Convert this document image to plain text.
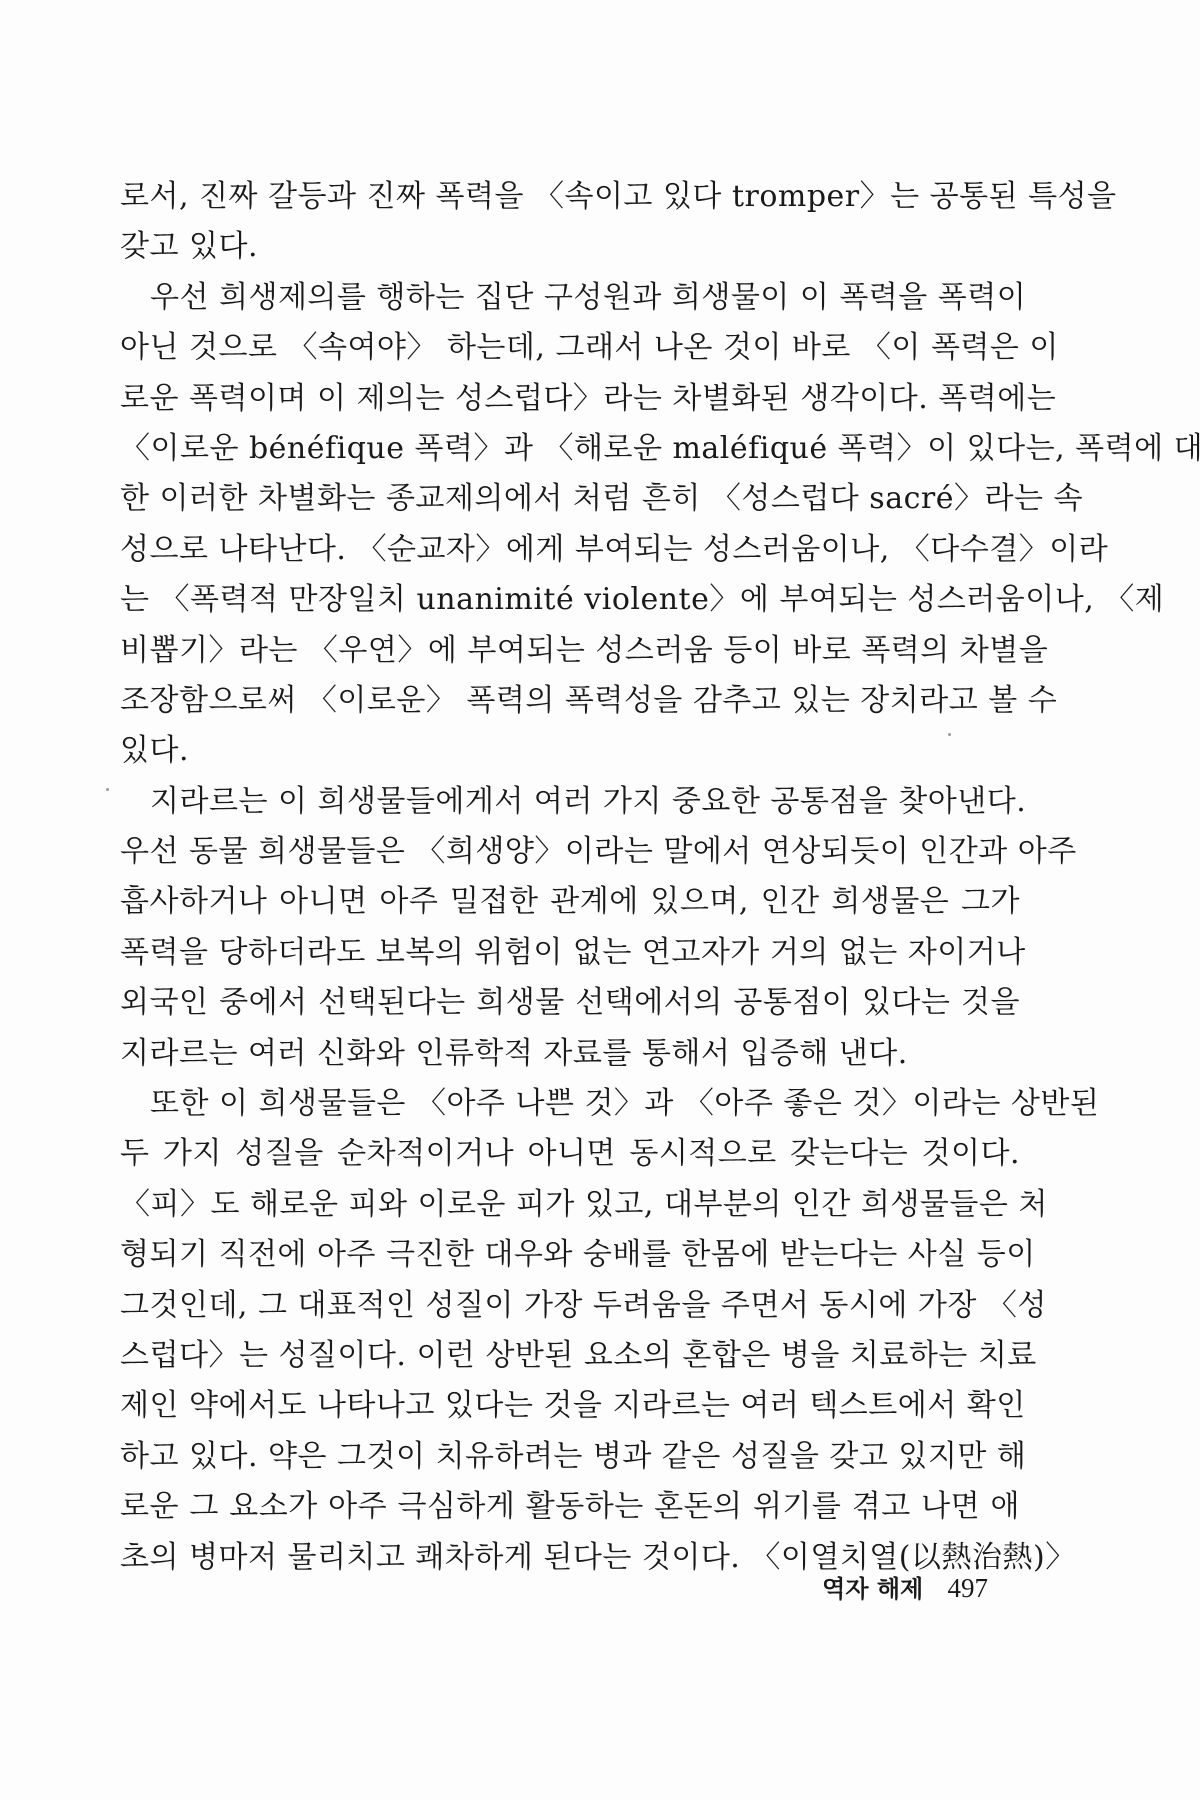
로서, 진짜 갈등과 진짜 폭력을 〈속이고 있다 tromper〉는 공통된 특성을
갖고 있다.
우선 희생제의를 행하는 집단 구성원과 희생물이 이 폭력을 폭력이
아닌 것으로 〈속여야〉 하는데, 그래서 나온 것이 바로 〈이 폭력은 이
로운 폭력이며 이 제의는 성스럽다〉라는 차별화된 생각이다. 폭력에는
〈이로운 bénéfique 폭력〉과 〈해로운 maléfiqué 폭력〉이 있다는, 폭력에 대
한 이러한 차별화는 종교제의에서 처럼 흔히 〈성스럽다 sacré〉라는 속
성으로 나타난다. 〈순교자〉에게 부여되는 성스러움이나, 〈다수결〉이라
는 〈폭력적 만장일치 unanimité violente〉에 부여되는 성스러움이나, 〈제
비뽑기〉라는 〈우연〉에 부여되는 성스러움 등이 바로 폭력의 차별을
조장함으로써 〈이로운〉 폭력의 폭력성을 감추고 있는 장치라고 볼 수
있다.
지라르는 이 희생물들에게서 여러 가지 중요한 공통점을 찾아낸다.
우선 동물 희생물들은 〈희생양〉이라는 말에서 연상되듯이 인간과 아주
흡사하거나 아니면 아주 밀접한 관계에 있으며, 인간 희생물은 그가
폭력을 당하더라도 보복의 위험이 없는 연고자가 거의 없는 자이거나
외국인 중에서 선택된다는 희생물 선택에서의 공통점이 있다는 것을
지라르는 여러 신화와 인류학적 자료를 통해서 입증해 낸다.
또한 이 희생물들은 〈아주 나쁜 것〉과 〈아주 좋은 것〉이라는 상반된
두 가지 성질을 순차적이거나 아니면 동시적으로 갖는다는 것이다.
〈피〉도 해로운 피와 이로운 피가 있고, 대부분의 인간 희생물들은 처
형되기 직전에 아주 극진한 대우와 숭배를 한몸에 받는다는 사실 등이
그것인데, 그 대표적인 성질이 가장 두려움을 주면서 동시에 가장 〈성
스럽다〉는 성질이다. 이런 상반된 요소의 혼합은 병을 치료하는 치료
제인 약에서도 나타나고 있다는 것을 지라르는 여러 텍스트에서 확인
하고 있다. 약은 그것이 치유하려는 병과 같은 성질을 갖고 있지만 해
로운 그 요소가 아주 극심하게 활동하는 혼돈의 위기를 겪고 나면 애
초의 병마저 물리치고 쾌차하게 된다는 것이다. 〈이열치열(以熱治熱)〉
역자 해제 497
